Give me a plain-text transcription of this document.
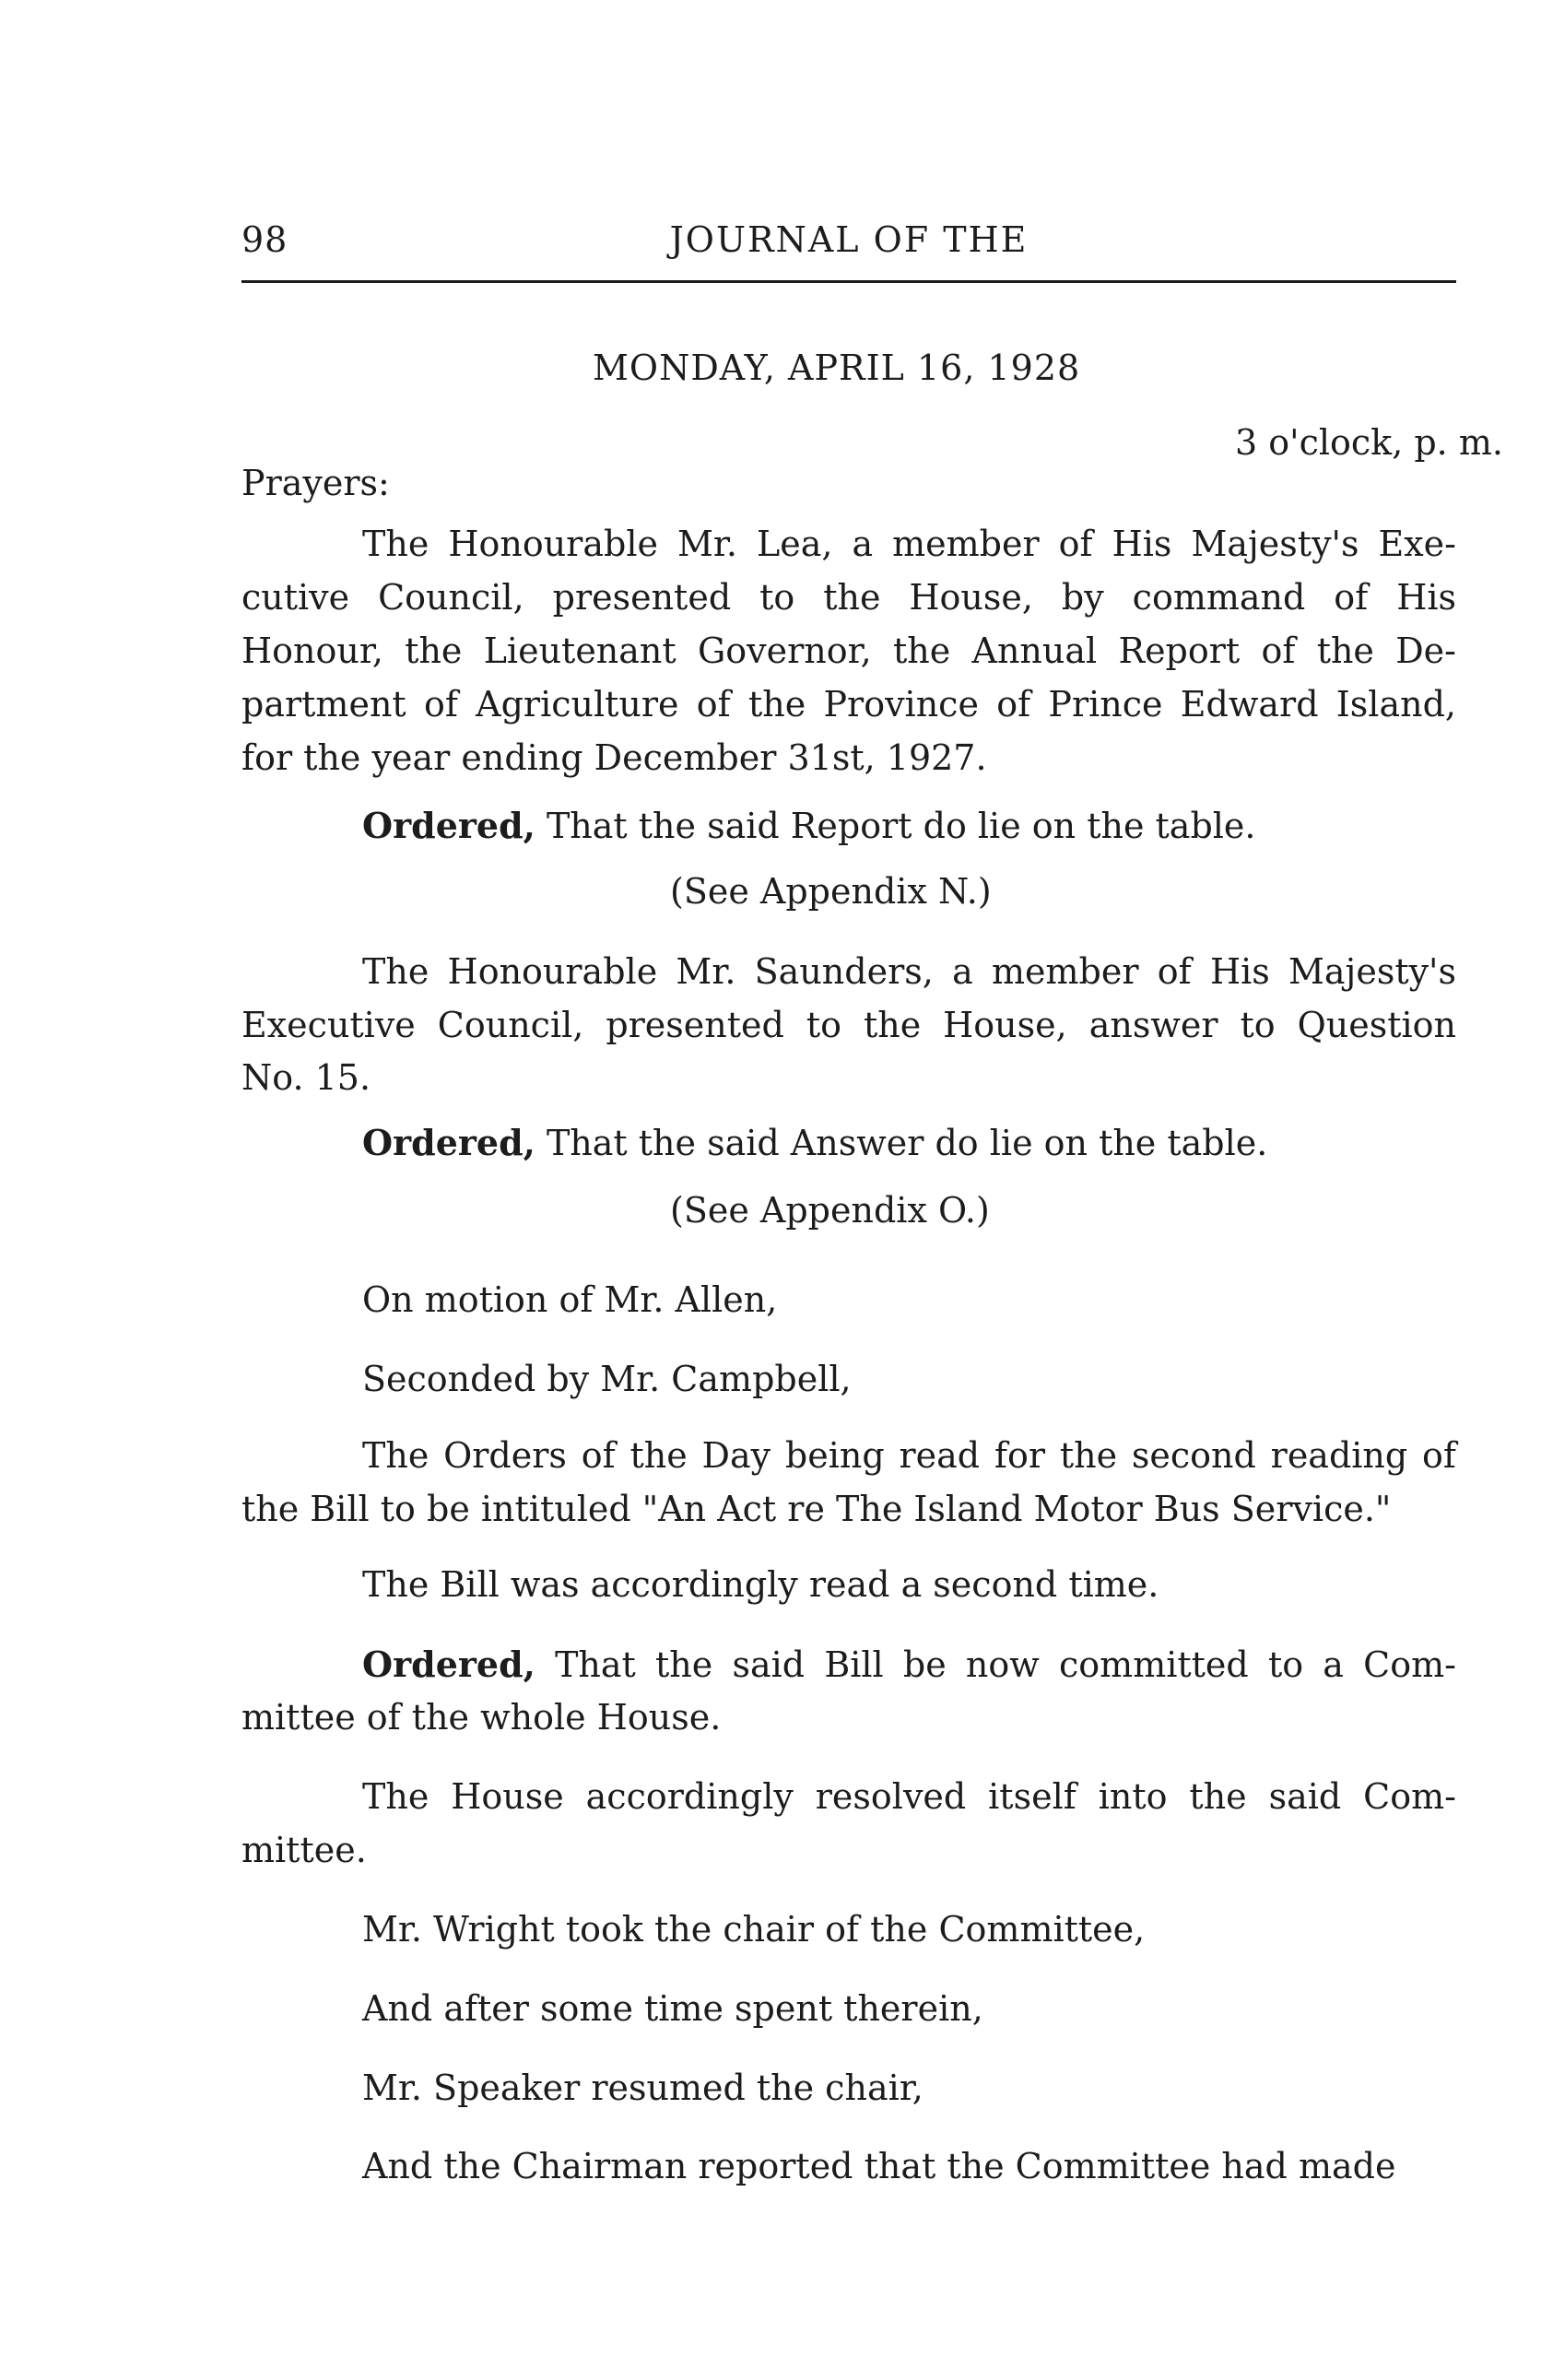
98	JOURNAL OF THE
MONDAY, APRIL 16, 1928
3 o'clock, p. m.
Prayers:
The Honourable Mr. Lea, a member of His Majesty's Exe-
cutive Council, presented to the House, by command of His
Honour, the Lieutenant Governor, the Annual Report of the De-
partment of Agriculture of the Province of Prince Edward Island,
for the year ending December 31st, 1927.
Ordered, That the said Report do lie on the table.
(See Appendix N.)
The Honourable Mr. Saunders, a member of His Majesty's
Executive Council, presented to the House, answer to Question
No. 15.
Ordered, That the said Answer do lie on the table.
(See Appendix O.)
On motion of Mr. Allen,
Seconded by Mr. Campbell,
The Orders of the Day being read for the second reading of
the Bill to be intituled "An Act re The Island Motor Bus Service."
The Bill was accordingly read a second time.
Ordered, That the said Bill be now committed to a Com-
mittee of the whole House.
The House accordingly resolved itself into the said Com-
mittee.
Mr. Wright took the chair of the Committee,
And after some time spent therein,
Mr. Speaker resumed the chair,
And the Chairman reported that the Committee had made
